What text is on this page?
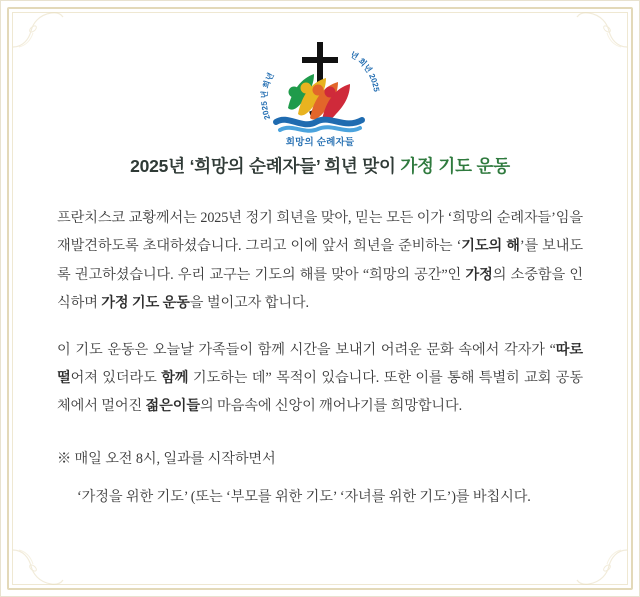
2025 년 희년
년 희년 2025
희망의 순례자들
2025년 ‘희망의 순례자들’ 희년 맞이 가정 기도 운동

프란치스코 교황께서는 2025년 정기 희년을 맞아, 믿는 모든 이가 ‘희망의 순례자들’임을 재발견하도록 초대하셨습니다. 그리고 이에 앞서 희년을 준비하는 ‘기도의 해’를 보내도록 권고하셨습니다. 우리 교구는 기도의 해를 맞아 “희망의 공간”인 가정의 소중함을 인식하며 가정 기도 운동을 벌이고자 합니다.

이 기도 운동은 오늘날 가족들이 함께 시간을 보내기 어려운 문화 속에서 각자가 “따로 떨어져 있더라도 함께 기도하는 데” 목적이 있습니다. 또한 이를 통해 특별히 교회 공동체에서 멀어진 젊은이들의 마음속에 신앙이 깨어나기를 희망합니다.

※ 매일 오전 8시, 일과를 시작하면서

‘가정을 위한 기도’ (또는 ‘부모를 위한 기도’ ‘자녀를 위한 기도’)를 바칩시다.
